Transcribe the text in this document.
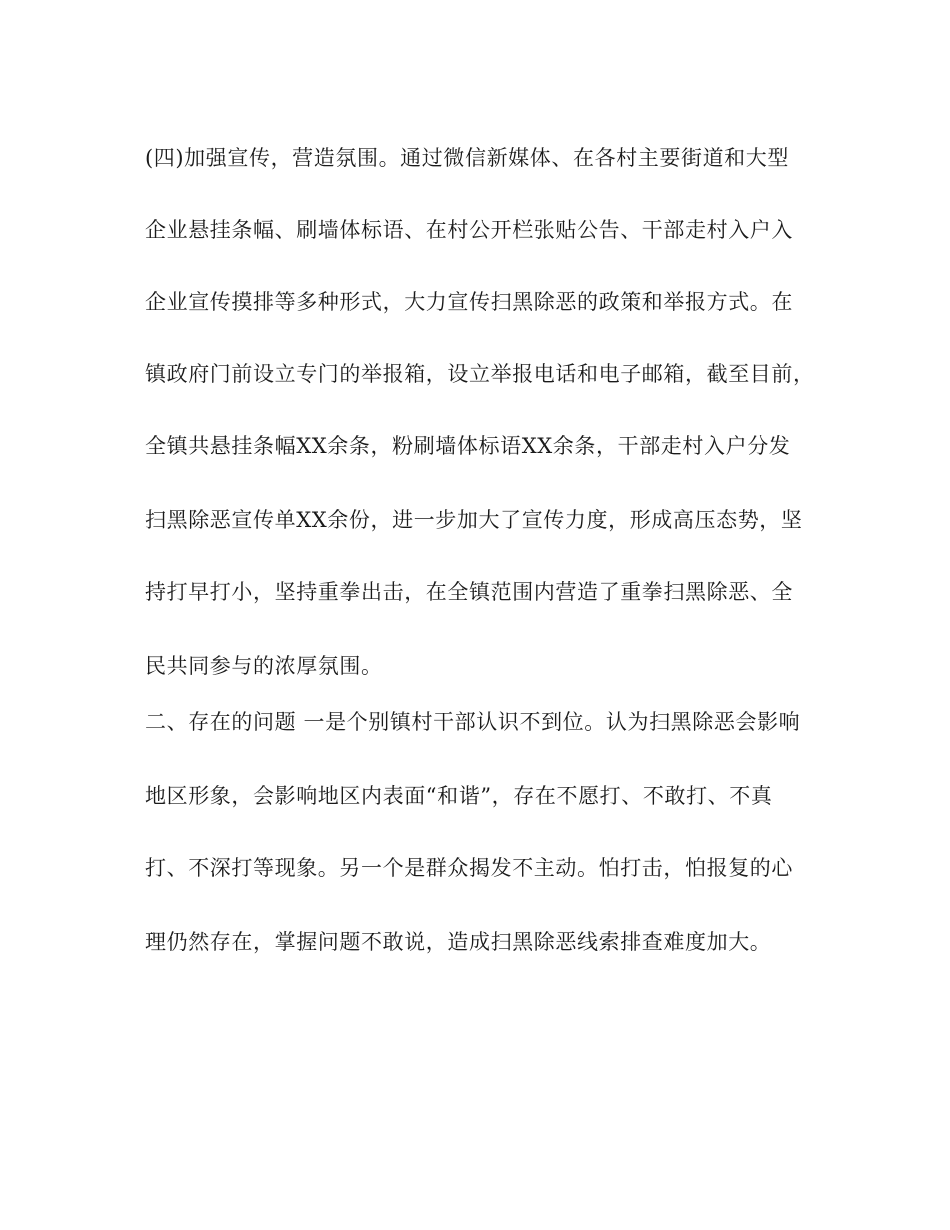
(四)加强宣传，营造氛围。通过微信新媒体、在各村主要街道和大型
企业悬挂条幅、刷墙体标语、在村公开栏张贴公告、干部走村入户入
企业宣传摸排等多种形式，大力宣传扫黑除恶的政策和举报方式。在
镇政府门前设立专门的举报箱，设立举报电话和电子邮箱，截至目前，
全镇共悬挂条幅XX余条，粉刷墙体标语XX余条，干部走村入户分发
扫黑除恶宣传单XX余份，进一步加大了宣传力度，形成高压态势，坚
持打早打小，坚持重拳出击，在全镇范围内营造了重拳扫黑除恶、全
民共同参与的浓厚氛围。
二、存在的问题 一是个别镇村干部认识不到位。认为扫黑除恶会影响
地区形象，会影响地区内表面“和谐”，存在不愿打、不敢打、不真
打、不深打等现象。另一个是群众揭发不主动。怕打击，怕报复的心
理仍然存在，掌握问题不敢说，造成扫黑除恶线索排查难度加大。
